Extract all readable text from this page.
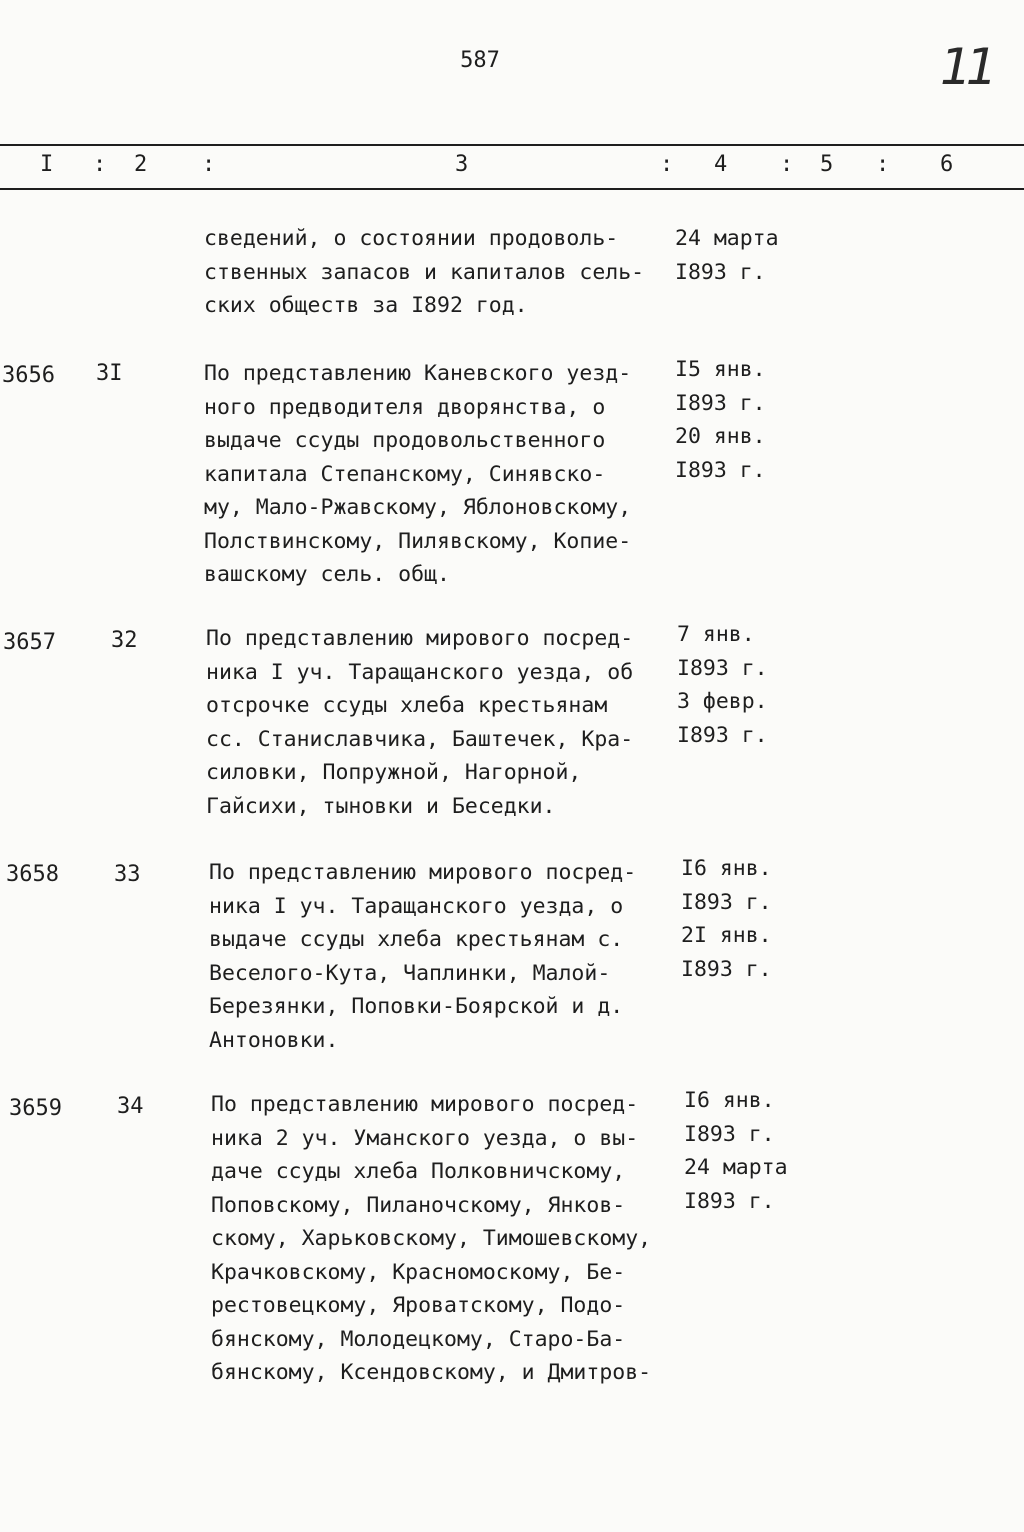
587	11
I : 2 :	3	: 4 : 5 : 6
сведений, о состоянии продоволь-
ственных запасов и капиталов сель-
ских обществ за I892 год.
24 марта
I893 г.
3656 3I	По представлению Каневского уезд-
ного предводителя дворянства, о
выдаче ссуды продовольственного
капитала Степанскому, Синявско-
му, Мало-Ржавскому, Яблоновскому,
Полствинскому, Пилявскому, Копие-
вашскому сель. общ.
I5 янв.
I893 г.
20 янв.
I893 г.
3657	32	По представлению мирового посред-
ника I уч. Таращанского уезда, об
отсрочке ссуды хлеба крестьянам
сс. Станиславчика, Баштечек, Кра-
силовки, Попружной, Нагорной,
Гайсихи, тыновки и Беседки.
7 янв.
I893 г.
3 февр.
I893 г.
3658	33	По представлению мирового посред-
ника I уч. Таращанского уезда, о
выдаче ссуды хлеба крестьянам с.
Веселого-Кута, Чаплинки, Малой-
Березянки, Поповки-Боярской и д.
Антоновки.
I6 янв.
I893 г.
2I янв.
I893 г.
3659	34	По представлению мирового посред-
ника 2 уч. Уманского уезда, о вы-
даче ссуды хлеба Полковничскому,
Поповскому, Пиланочскому, Янков-
скому, Харьковскому, Тимошевскому,
Крачковскому, Красномоскому, Бе-
рестовецкому, Яроватскому, Подо-
бянскому, Молодецкому, Старо-Ба-
бянскому, Ксендовскому, и Дмитров-
I6 янв.
I893 г.
24 марта
I893 г.
